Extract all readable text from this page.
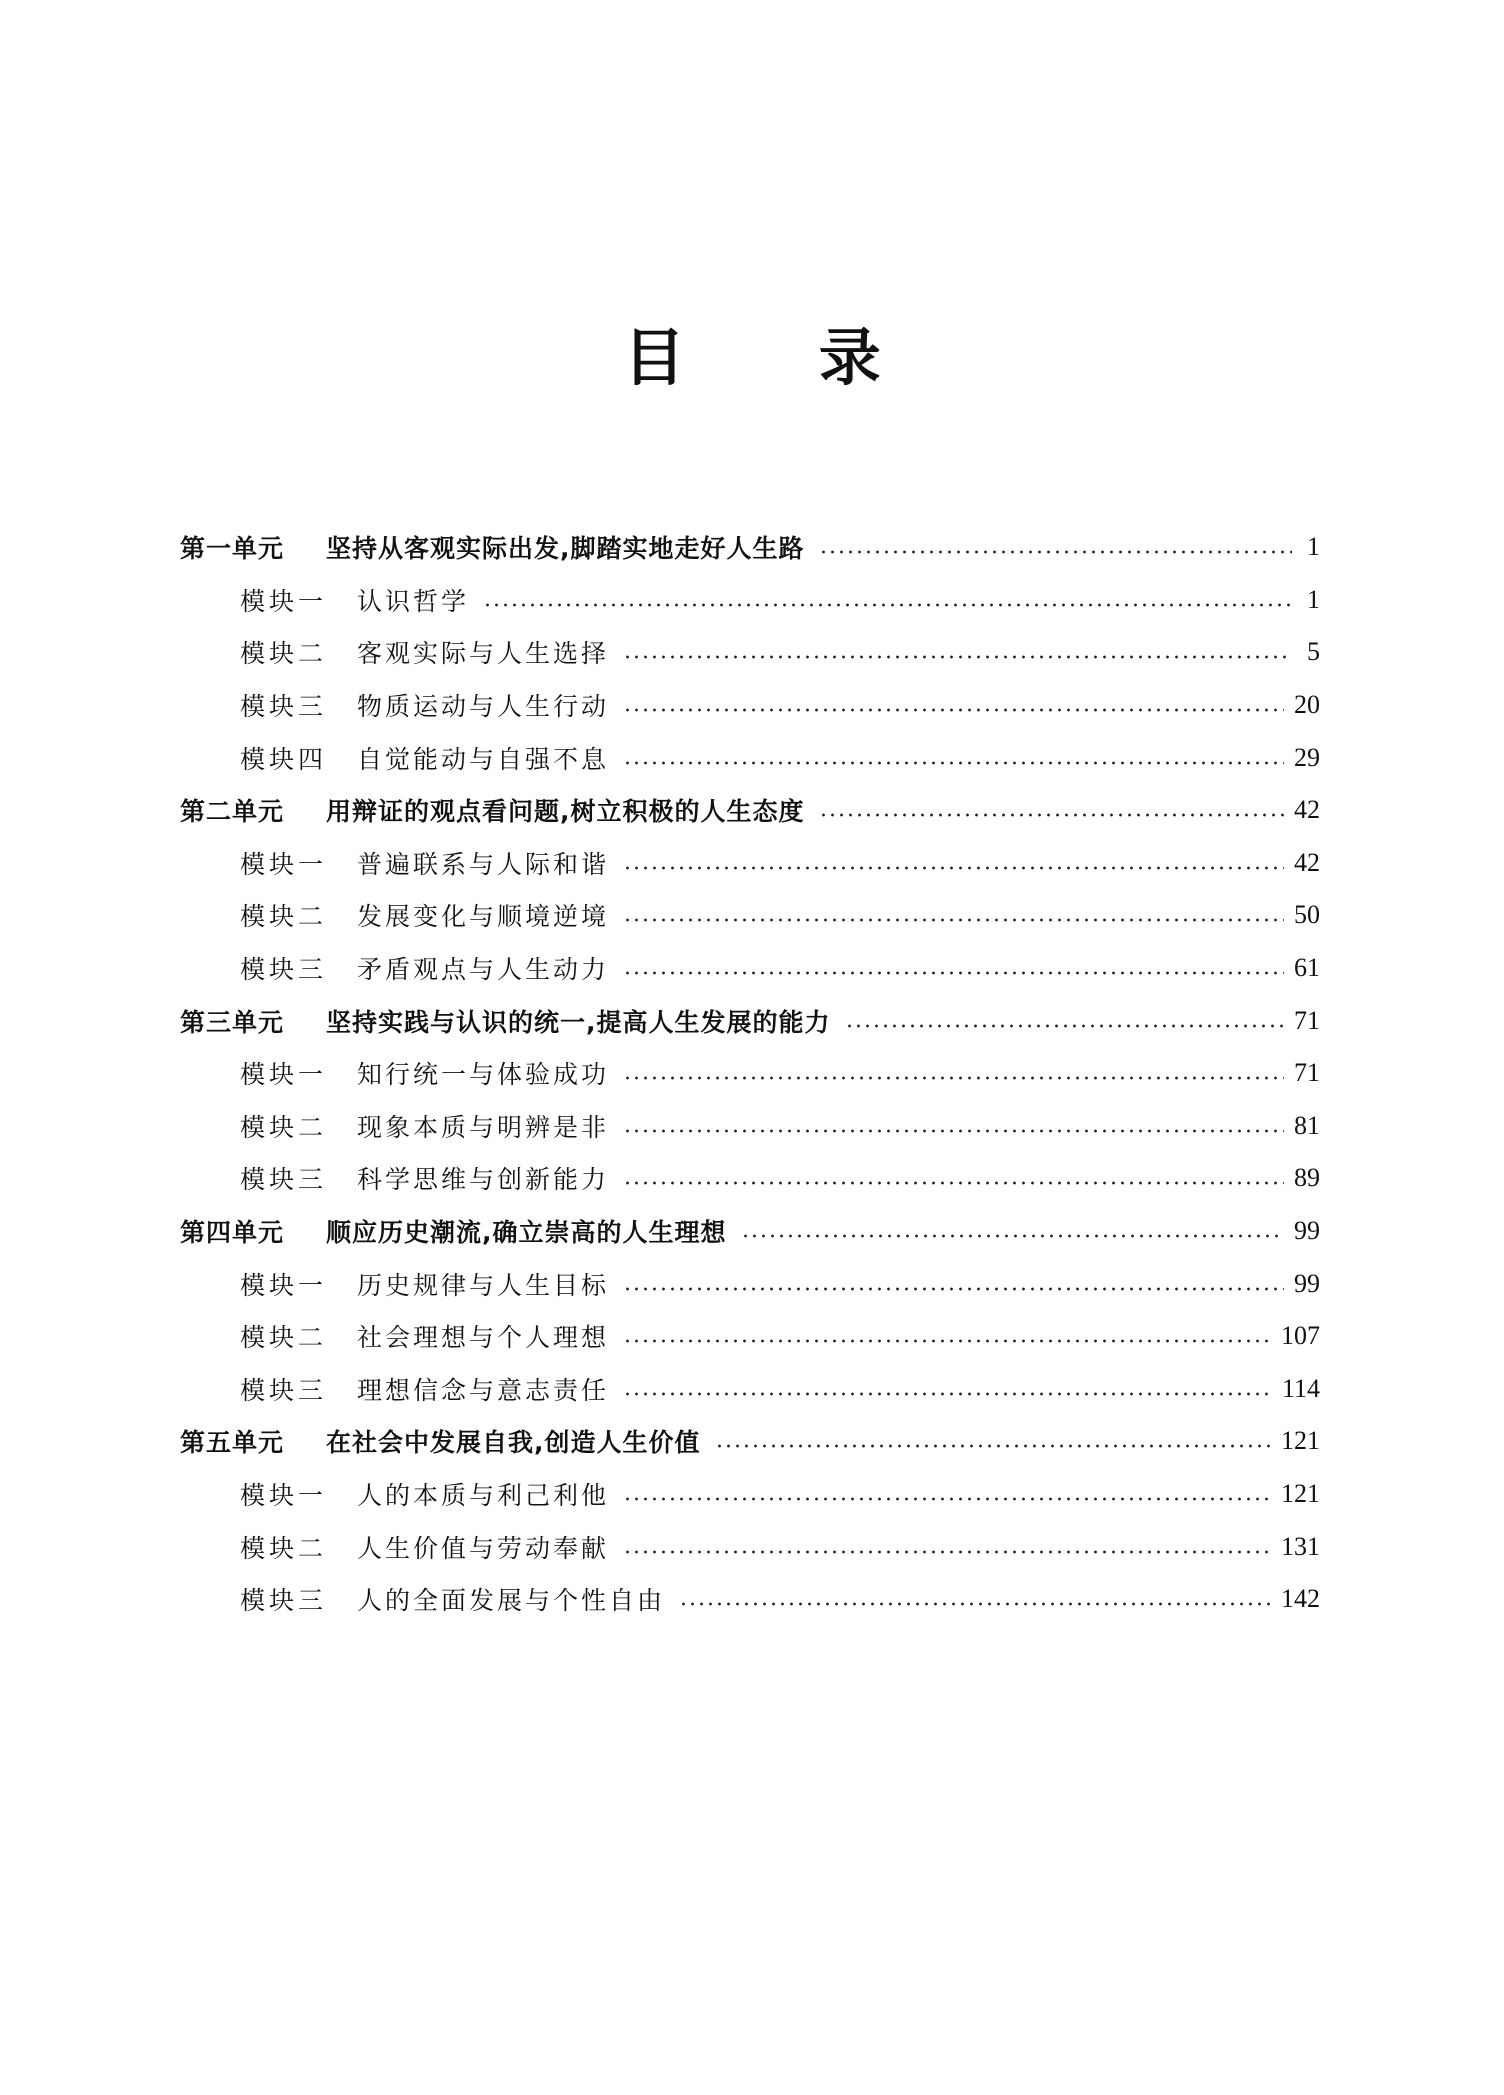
目 录
第一单元	坚持从客观实际出发,脚踏实地走好人生路	1
模块一	认识哲学	1
模块二	客观实际与人生选择	5
模块三	物质运动与人生行动	20
模块四	自觉能动与自强不息	29
第二单元	用辩证的观点看问题,树立积极的人生态度	42
模块一	普遍联系与人际和谐	42
模块二	发展变化与顺境逆境	50
模块三	矛盾观点与人生动力	61
第三单元	坚持实践与认识的统一,提高人生发展的能力	71
模块一	知行统一与体验成功	71
模块二	现象本质与明辨是非	81
模块三	科学思维与创新能力	89
第四单元	顺应历史潮流,确立崇高的人生理想	99
模块一	历史规律与人生目标	99
模块二	社会理想与个人理想	107
模块三	理想信念与意志责任	114
第五单元	在社会中发展自我,创造人生价值	121
模块一	人的本质与利己利他	121
模块二	人生价值与劳动奉献	131
模块三	人的全面发展与个性自由	142
